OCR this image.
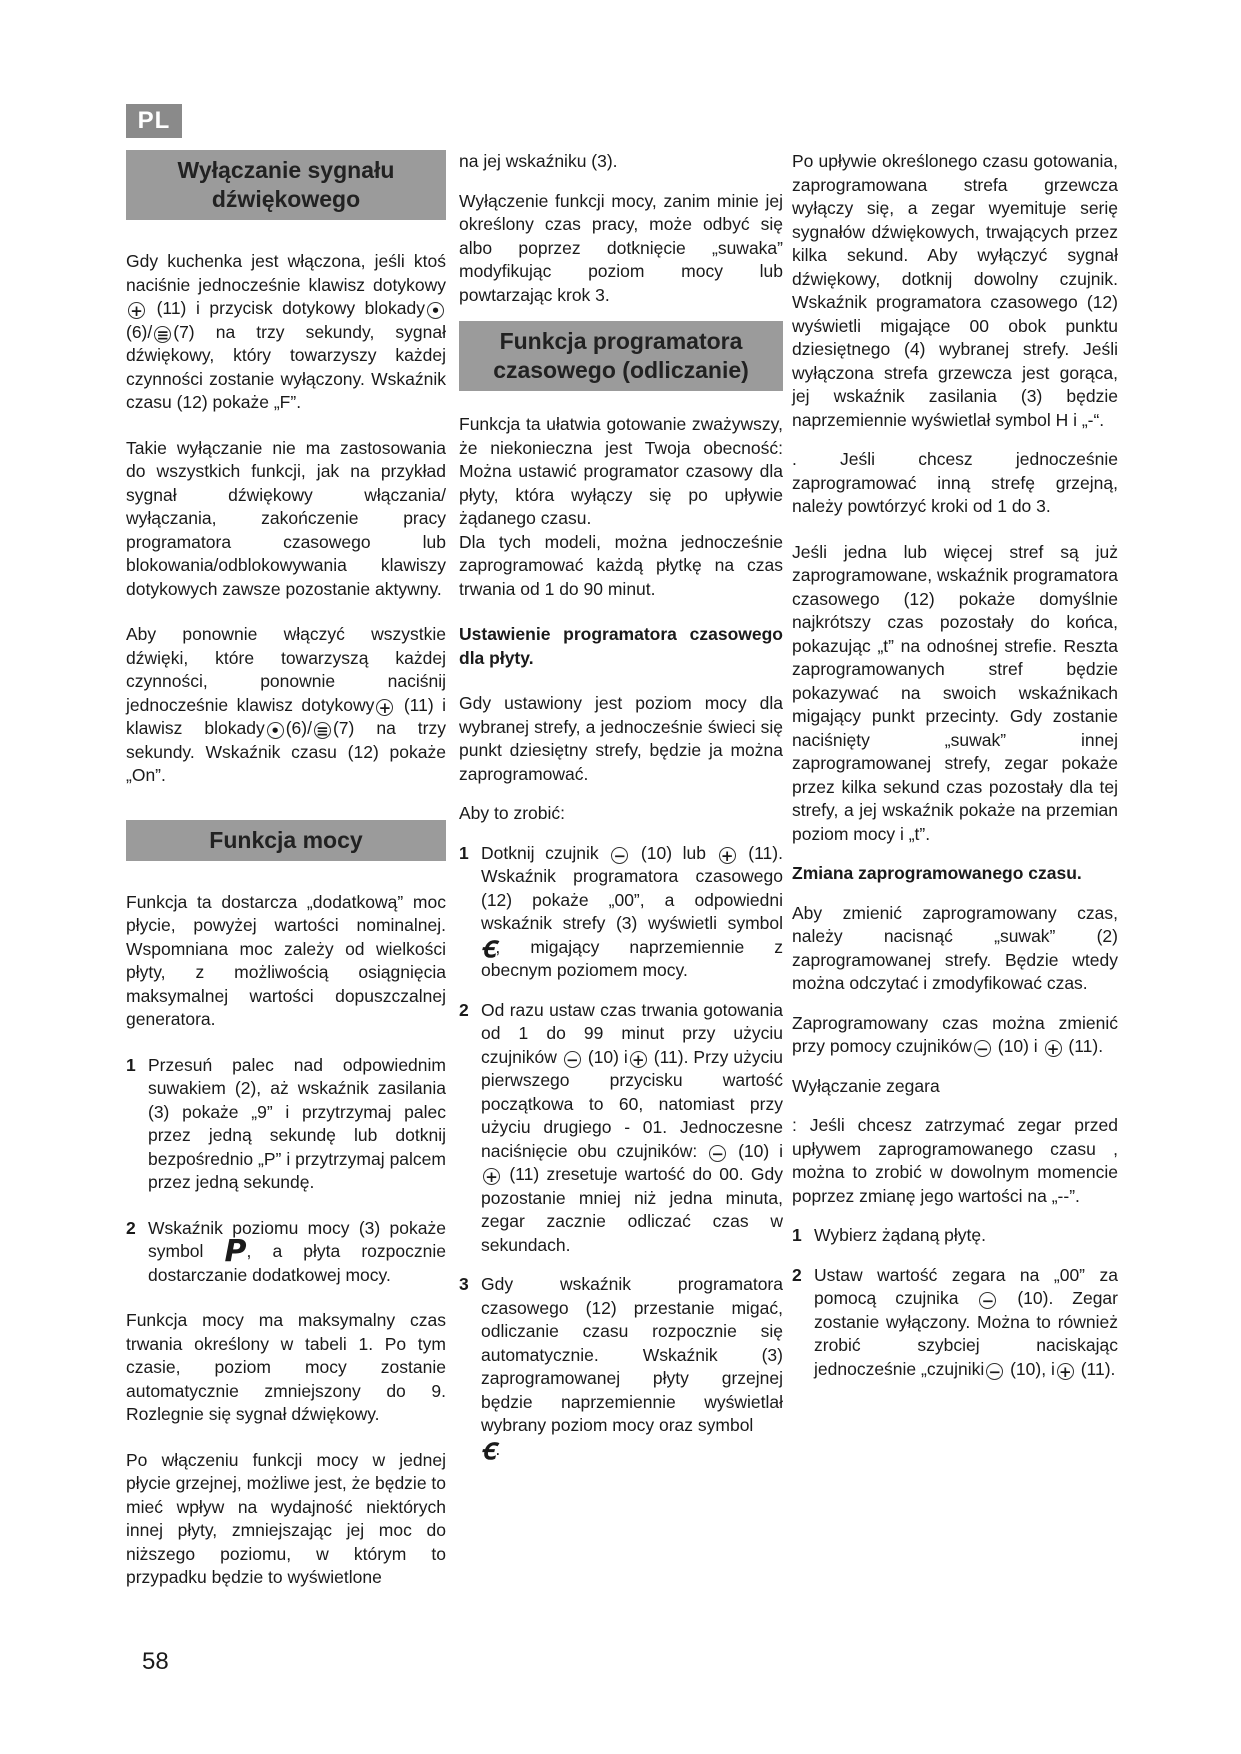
PL
Wyłączanie sygnału dźwiękowego

Gdy kuchenka jest włączona, jeśli ktoś naciśnie jednocześnie klawisz dotykowy+ (11) i przycisk dotykowy blokady •(6)/ ≡ (7) na trzy sekundy, sygnał dźwiękowy, który towarzyszy każdej czynności zostanie wyłączony. Wskaźnik czasu (12) pokaże „F”.

Takie wyłączanie nie ma zastosowania do wszystkich funkcji, jak na przykład sygnał dźwiękowy włączania/ wyłączania, zakończenie pracy programatora czasowego lub blokowania/odblokowywania klawiszy dotykowych zawsze pozostanie aktywny.

Aby ponownie włączyć wszystkie dźwięki, które towarzyszą każdej czynności, ponownie naciśnij jednocześnie klawisz dotykowy + (11) i klawisz blokady • (6)/ ≡ (7) na trzy sekundy. Wskaźnik czasu (12) pokaże „On”.

Funkcja mocy

Funkcja ta dostarcza „dodatkową” moc płycie, powyżej wartości nominalnej. Wspomniana moc zależy od wielkości płyty, z możliwością osiągnięcia maksymalnej wartości dopuszczalnej generatora.

1 Przesuń palec nad odpowiednim suwakiem (2), aż wskaźnik zasilania (3) pokaże „9” i przytrzymaj palec przez jedną sekundę lub dotknij bezpośrednio „P” i przytrzymaj palcem przez jedną sekundę.
2 Wskaźnik poziomu mocy (3) pokaże symbol P, a płyta rozpocznie dostarczanie dodatkowej mocy.

Funkcja mocy ma maksymalny czas trwania określony w tabeli 1. Po tym czasie, poziom mocy zostanie automatycznie zmniejszony do 9. Rozlegnie się sygnał dźwiękowy.

Po włączeniu funkcji mocy w jednej płycie grzejnej, możliwe jest, że będzie to mieć wpływ na wydajność niektórych innej płyty, zmniejszając jej moc do niższego poziomu, w którym to przypadku będzie to wyświetlone

na jej wskaźniku (3).

Wyłączenie funkcji mocy, zanim minie jej określony czas pracy, może odbyć się albo poprzez dotknięcie „suwaka” modyfikując poziom mocy lub powtarzając krok 3.

Funkcja programatora czasowego (odliczanie)

Funkcja ta ułatwia gotowanie zważywszy, że niekonieczna jest Twoja obecność: Można ustawić programator czasowy dla płyty, która wyłączy się po upływie żądanego czasu.

Dla tych modeli, można jednocześnie zaprogramować każdą płytkę na czas trwania od 1 do 90 minut.

Ustawienie programatora czasowego dla płyty.

Gdy ustawiony jest poziom mocy dla wybranej strefy, a jednocześnie świeci się punkt dziesiętny strefy, będzie ja można zaprogramować.

Aby to zrobić:

1 Dotknij czujnik − (10) lub + (11). Wskaźnik programatora czasowego (12) pokaże „00”, a odpowiedni wskaźnik strefy (3) wyświetli symbol ꞓ, migający naprzemiennie z obecnym poziomem mocy.
2 Od razu ustaw czas trwania gotowania od 1 do 99 minut przy użyciu czujników − (10) i + (11). Przy użyciu pierwszego przycisku wartość początkowa to 60, natomiast przy użyciu drugiego - 01. Jednoczesne naciśnięcie obu czujników: − (10) i + (11) zresetuje wartość do 00. Gdy pozostanie mniej niż jedna minuta, zegar zacznie odliczać czas w sekundach.
3 Gdy wskaźnik programatora czasowego (12) przestanie migać, odliczanie czasu rozpocznie się automatycznie. Wskaźnik (3) zaprogramowanej płyty grzejnej będzie naprzemiennie wyświetlał wybrany poziom mocy oraz symbol
ꞓ.

Po upływie określonego czasu gotowania, zaprogramowana strefa grzewcza wyłączy się, a zegar wyemituje serię sygnałów dźwiękowych, trwających przez kilka sekund. Aby wyłączyć sygnał dźwiękowy, dotknij dowolny czujnik. Wskaźnik programatora czasowego (12) wyświetli migające 00 obok punktu dziesiętnego (4) wybranej strefy. Jeśli wyłączona strefa grzewcza jest gorąca, jej wskaźnik zasilania (3) będzie naprzemiennie wyświetlał symbol H i „-“.

. Jeśli chcesz jednocześnie zaprogramować inną strefę grzejną, należy powtórzyć kroki od 1 do 3.

Jeśli jedna lub więcej stref są już zaprogramowane, wskaźnik programatora czasowego (12) pokaże domyślnie najkrótszy czas pozostały do końca, pokazując „t” na odnośnej strefie. Reszta zaprogramowanych stref będzie pokazywać na swoich wskaźnikach migający punkt przecinty. Gdy zostanie naciśnięty „suwak” innej zaprogramowanej strefy, zegar pokaże przez kilka sekund czas pozostały dla tej strefy, a jej wskaźnik pokaże na przemian poziom mocy i „t”.

Zmiana zaprogramowanego czasu.

Aby zmienić zaprogramowany czas, należy nacisnąć „suwak” (2) zaprogramowanej strefy. Będzie wtedy można odczytać i zmodyfikować czas.

Zaprogramowany czas można zmienić przy pomocy czujników − (10) i + (11).

Wyłączanie zegara

: Jeśli chcesz zatrzymać zegar przed upływem zaprogramowanego czasu , można to zrobić w dowolnym momencie poprzez zmianę jego wartości na „--”.

1 Wybierz żądaną płytę.
2 Ustaw wartość zegara na „00” za pomocą czujnika − (10). Zegar zostanie wyłączony. Można to również zrobić szybciej naciskając jednocześnie „czujniki − (10), i + (11).
58
